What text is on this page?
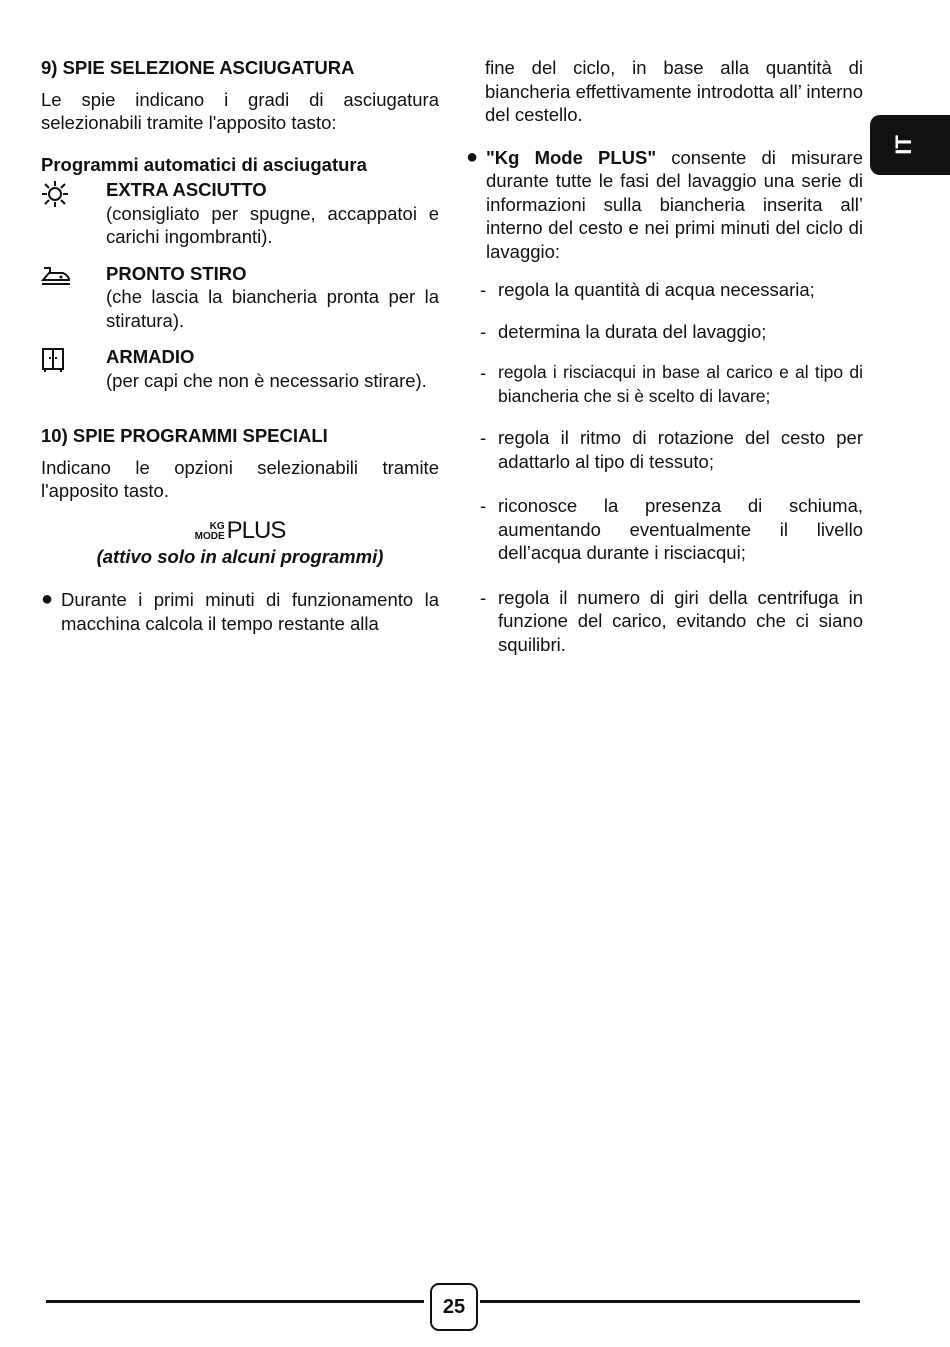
IT
9) SPIE SELEZIONE ASCIUGATURA
Le spie indicano i gradi di asciugatura selezionabili tramite l'apposito tasto:
Programmi automatici di asciugatura
EXTRA ASCIUTTO
(consigliato per spugne, accappatoi e carichi ingombranti).
PRONTO STIRO
(che lascia la biancheria pronta per la stiratura).
ARMADIO
(per capi che non è necessario stirare).
10) SPIE PROGRAMMI SPECIALI
Indicano le opzioni selezionabili tramite l'apposito tasto.
KG
MODE PLUS
(attivo solo in alcuni programmi)
● Durante i primi minuti di funzionamento la macchina calcola il tempo restante alla
fine del ciclo, in base alla quantità di biancheria effettivamente introdotta all’ interno del cestello.
● "Kg Mode PLUS" consente di misurare durante tutte le fasi del lavaggio una serie di informazioni sulla biancheria inserita all’ interno del cesto e nei primi minuti del ciclo di lavaggio:
- regola la quantità di acqua necessaria;
- determina la durata del lavaggio;
- regola i risciacqui in base al carico e al tipo di biancheria che si è scelto di lavare;
- regola il ritmo di rotazione del cesto per adattarlo al tipo di tessuto;
- riconosce la presenza di schiuma, aumentando eventualmente il livello dell’acqua durante i risciacqui;
- regola il numero di giri della centrifuga in funzione del carico, evitando che ci siano squilibri.
25
